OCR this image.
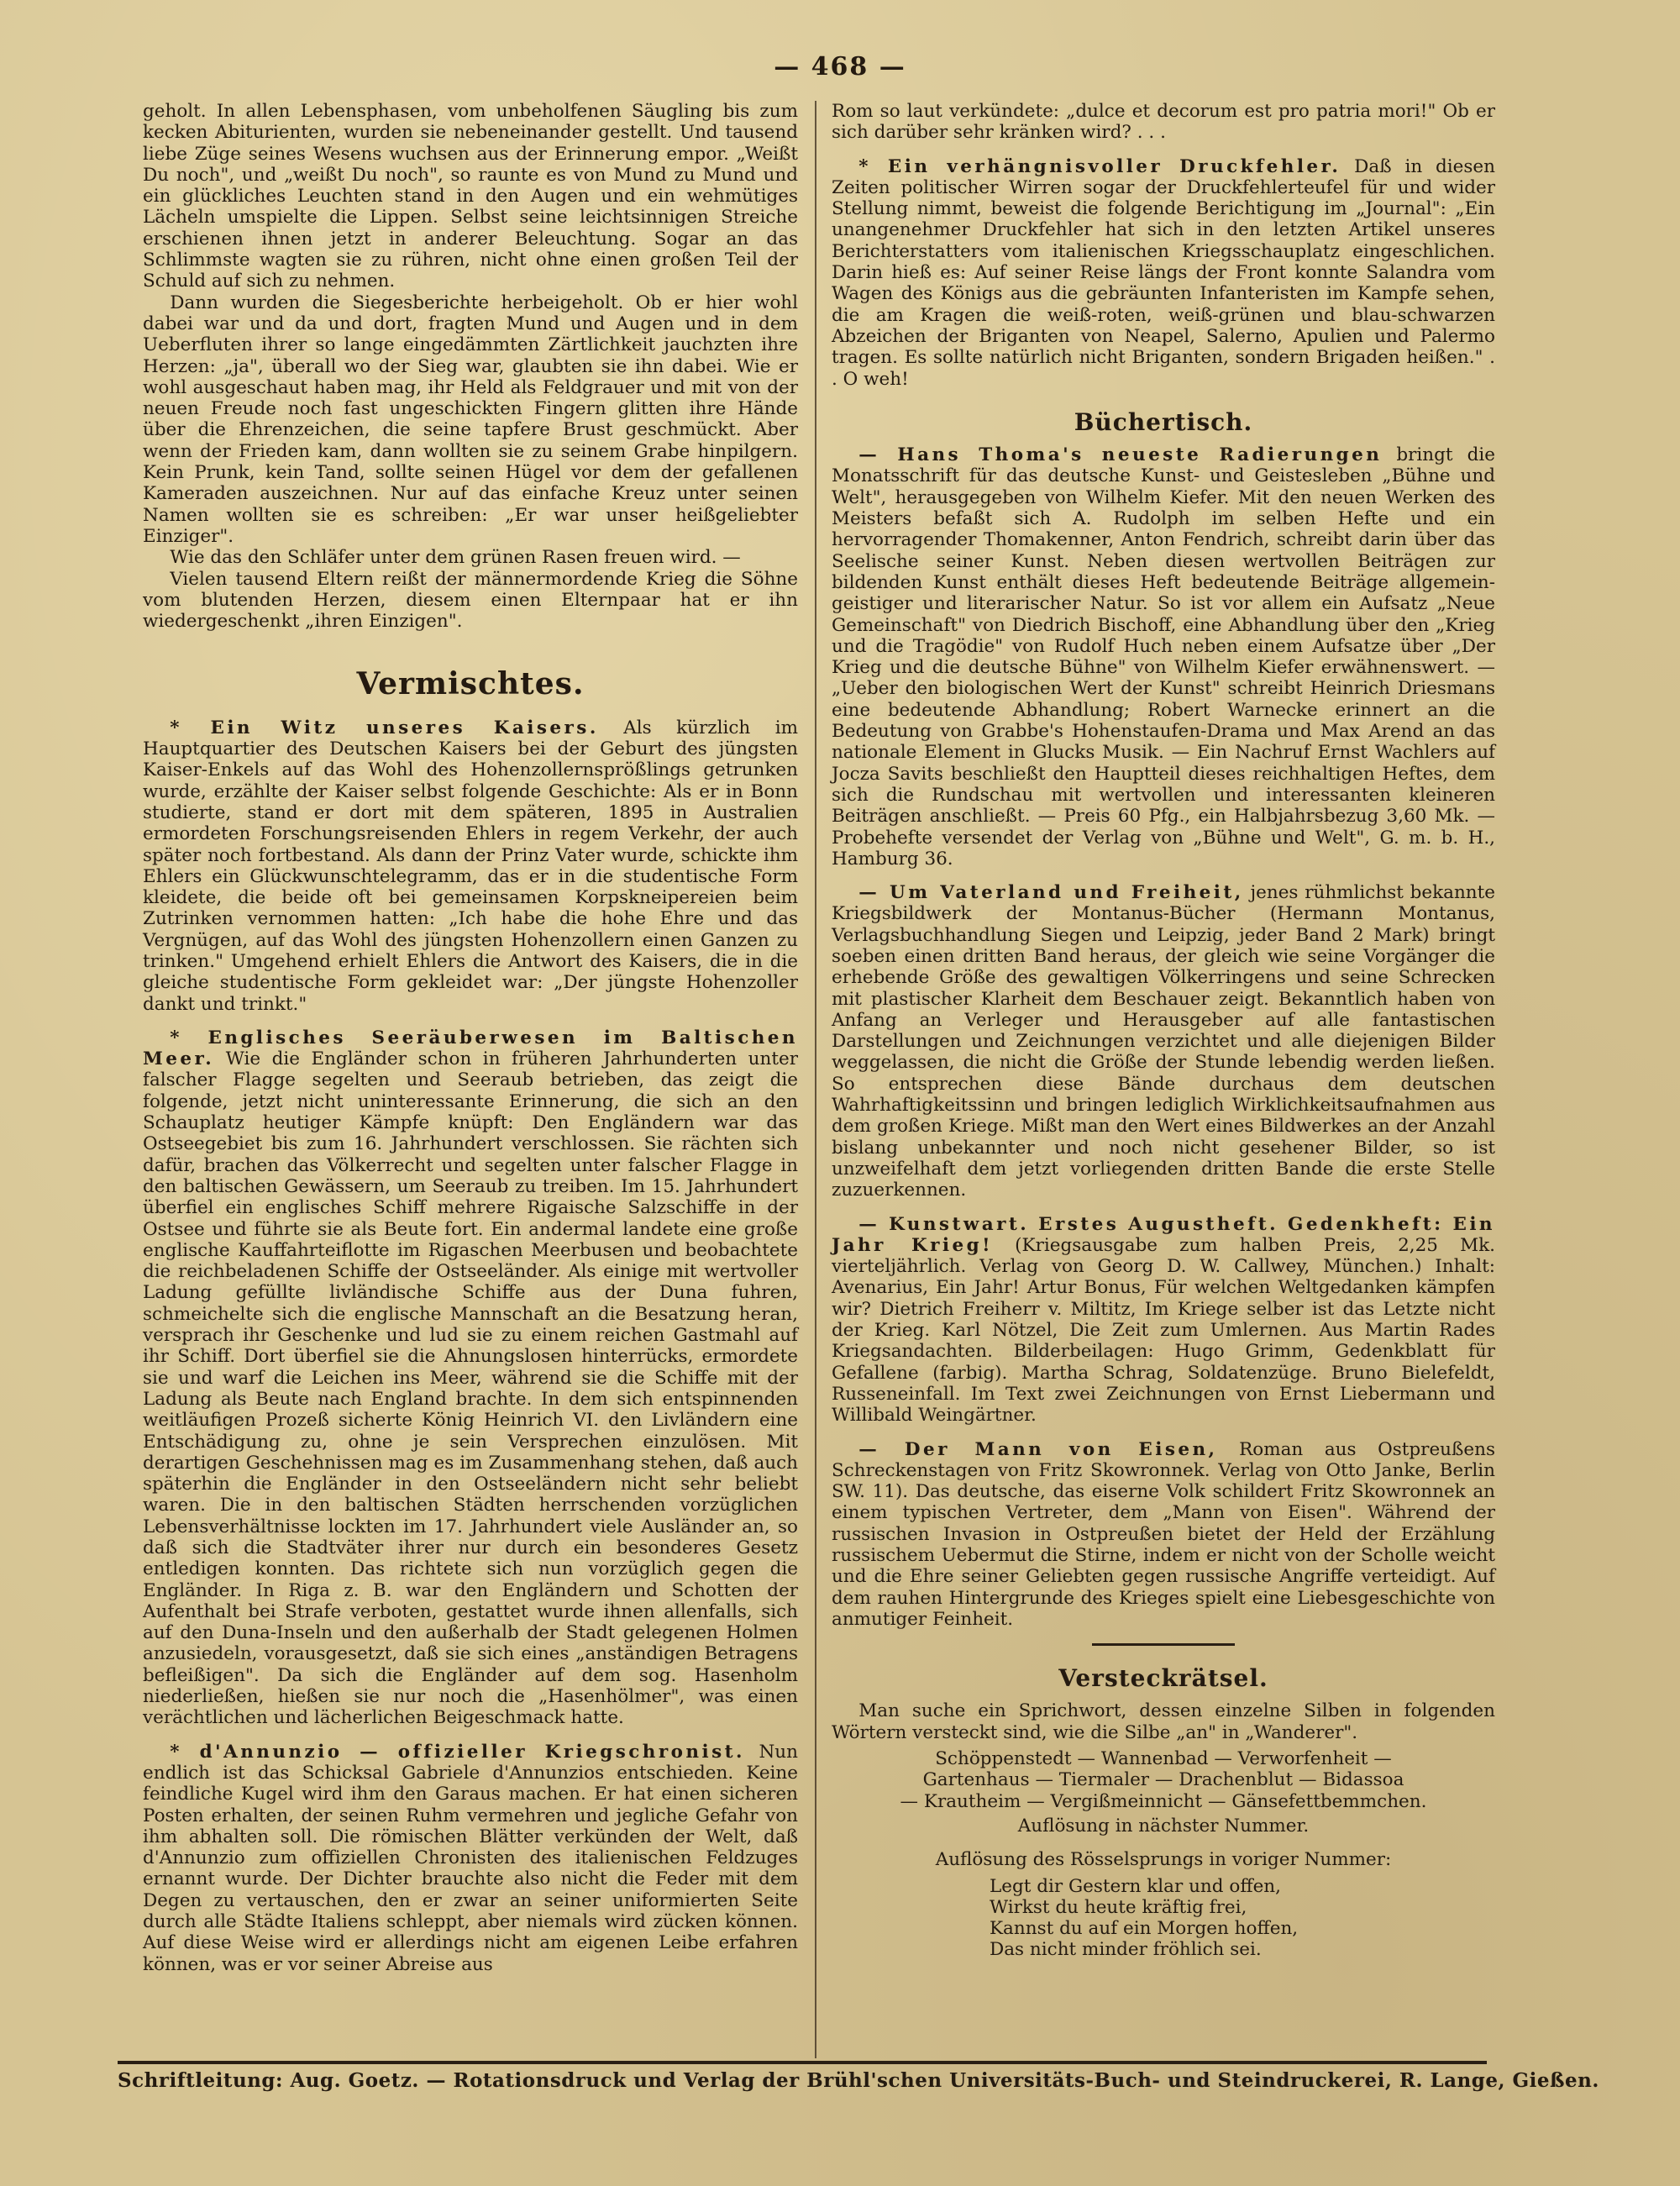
— 468 —

geholt. In allen Lebensphasen, vom unbeholfenen Säugling bis zum kecken Abiturienten, wurden sie nebeneinander gestellt. Und tausend liebe Züge seines Wesens wuchsen aus der Erinnerung empor. „Weißt Du noch", und „weißt Du noch", so raunte es von Mund zu Mund und ein glückliches Leuchten stand in den Augen und ein wehmütiges Lächeln umspielte die Lippen. Selbst seine leichtsinnigen Streiche erschienen ihnen jetzt in anderer Beleuchtung. Sogar an das Schlimmste wagten sie zu rühren, nicht ohne einen großen Teil der Schuld auf sich zu nehmen.

Dann wurden die Siegesberichte herbeigeholt. Ob er hier wohl dabei war und da und dort, fragten Mund und Augen und in dem Ueberfluten ihrer so lange eingedämmten Zärtlichkeit jauchzten ihre Herzen: „ja", überall wo der Sieg war, glaubten sie ihn dabei. Wie er wohl ausgeschaut haben mag, ihr Held als Feldgrauer und mit von der neuen Freude noch fast ungeschickten Fingern glitten ihre Hände über die Ehrenzeichen, die seine tapfere Brust geschmückt. Aber wenn der Frieden kam, dann wollten sie zu seinem Grabe hinpilgern. Kein Prunk, kein Tand, sollte seinen Hügel vor dem der gefallenen Kameraden auszeichnen. Nur auf das einfache Kreuz unter seinen Namen wollten sie es schreiben: „Er war unser heißgeliebter Einziger".

Wie das den Schläfer unter dem grünen Rasen freuen wird. —

Vielen tausend Eltern reißt der männermordende Krieg die Söhne vom blutenden Herzen, diesem einen Elternpaar hat er ihn wiedergeschenkt „ihren Einzigen".

Vermischtes.

* Ein Witz unseres Kaisers. Als kürzlich im Hauptquartier des Deutschen Kaisers bei der Geburt des jüngsten Kaiser-Enkels auf das Wohl des Hohenzollernsprößlings getrunken wurde, erzählte der Kaiser selbst folgende Geschichte: Als er in Bonn studierte, stand er dort mit dem späteren, 1895 in Australien ermordeten Forschungsreisenden Ehlers in regem Verkehr, der auch später noch fortbestand. Als dann der Prinz Vater wurde, schickte ihm Ehlers ein Glückwunschtelegramm, das er in die studentische Form kleidete, die beide oft bei gemeinsamen Korpskneipereien beim Zutrinken vernommen hatten: „Ich habe die hohe Ehre und das Vergnügen, auf das Wohl des jüngsten Hohenzollern einen Ganzen zu trinken." Umgehend erhielt Ehlers die Antwort des Kaisers, die in die gleiche studentische Form gekleidet war: „Der jüngste Hohenzoller dankt und trinkt."

* Englisches Seeräuberwesen im Baltischen Meer. Wie die Engländer schon in früheren Jahrhunderten unter falscher Flagge segelten und Seeraub betrieben, das zeigt die folgende, jetzt nicht uninteressante Erinnerung, die sich an den Schauplatz heutiger Kämpfe knüpft: Den Engländern war das Ostseegebiet bis zum 16. Jahrhundert verschlossen. Sie rächten sich dafür, brachen das Völkerrecht und segelten unter falscher Flagge in den baltischen Gewässern, um Seeraub zu treiben. Im 15. Jahrhundert überfiel ein englisches Schiff mehrere Rigaische Salzschiffe in der Ostsee und führte sie als Beute fort. Ein andermal landete eine große englische Kauffahrteiflotte im Rigaschen Meerbusen und beobachtete die reichbeladenen Schiffe der Ostseeländer. Als einige mit wertvoller Ladung gefüllte livländische Schiffe aus der Duna fuhren, schmeichelte sich die englische Mannschaft an die Besatzung heran, versprach ihr Geschenke und lud sie zu einem reichen Gastmahl auf ihr Schiff. Dort überfiel sie die Ahnungslosen hinterrücks, ermordete sie und warf die Leichen ins Meer, während sie die Schiffe mit der Ladung als Beute nach England brachte. In dem sich entspinnenden weitläufigen Prozeß sicherte König Heinrich VI. den Livländern eine Entschädigung zu, ohne je sein Versprechen einzulösen. Mit derartigen Geschehnissen mag es im Zusammenhang stehen, daß auch späterhin die Engländer in den Ostseeländern nicht sehr beliebt waren. Die in den baltischen Städten herrschenden vorzüglichen Lebensverhältnisse lockten im 17. Jahrhundert viele Ausländer an, so daß sich die Stadtväter ihrer nur durch ein besonderes Gesetz entledigen konnten. Das richtete sich nun vorzüglich gegen die Engländer. In Riga z. B. war den Engländern und Schotten der Aufenthalt bei Strafe verboten, gestattet wurde ihnen allenfalls, sich auf den Duna-Inseln und den außerhalb der Stadt gelegenen Holmen anzusiedeln, vorausgesetzt, daß sie sich eines „anständigen Betragens befleißigen". Da sich die Engländer auf dem sog. Hasenholm niederließen, hießen sie nur noch die „Hasenhölmer", was einen verächtlichen und lächerlichen Beigeschmack hatte.

* d'Annunzio — offizieller Kriegschronist. Nun endlich ist das Schicksal Gabriele d'Annunzios entschieden. Keine feindliche Kugel wird ihm den Garaus machen. Er hat einen sicheren Posten erhalten, der seinen Ruhm vermehren und jegliche Gefahr von ihm abhalten soll. Die römischen Blätter verkünden der Welt, daß d'Annunzio zum offiziellen Chronisten des italienischen Feldzuges ernannt wurde. Der Dichter brauchte also nicht die Feder mit dem Degen zu vertauschen, den er zwar an seiner uniformierten Seite durch alle Städte Italiens schleppt, aber niemals wird zücken können. Auf diese Weise wird er allerdings nicht am eigenen Leibe erfahren können, was er vor seiner Abreise aus

Rom so laut verkündete: „dulce et decorum est pro patria mori!" Ob er sich darüber sehr kränken wird? . . .

* Ein verhängnisvoller Druckfehler. Daß in diesen Zeiten politischer Wirren sogar der Druckfehlerteufel für und wider Stellung nimmt, beweist die folgende Berichtigung im „Journal": „Ein unangenehmer Druckfehler hat sich in den letzten Artikel unseres Berichterstatters vom italienischen Kriegsschauplatz eingeschlichen. Darin hieß es: Auf seiner Reise längs der Front konnte Salandra vom Wagen des Königs aus die gebräunten Infanteristen im Kampfe sehen, die am Kragen die weiß-roten, weiß-grünen und blau-schwarzen Abzeichen der Briganten von Neapel, Salerno, Apulien und Palermo tragen. Es sollte natürlich nicht Briganten, sondern Brigaden heißen." . . O weh!

Büchertisch.

— Hans Thoma's neueste Radierungen bringt die Monatsschrift für das deutsche Kunst- und Geistesleben „Bühne und Welt", herausgegeben von Wilhelm Kiefer. Mit den neuen Werken des Meisters befaßt sich A. Rudolph im selben Hefte und ein hervorragender Thomakenner, Anton Fendrich, schreibt darin über das Seelische seiner Kunst. Neben diesen wertvollen Beiträgen zur bildenden Kunst enthält dieses Heft bedeutende Beiträge allgemein-geistiger und literarischer Natur. So ist vor allem ein Aufsatz „Neue Gemeinschaft" von Diedrich Bischoff, eine Abhandlung über den „Krieg und die Tragödie" von Rudolf Huch neben einem Aufsatze über „Der Krieg und die deutsche Bühne" von Wilhelm Kiefer erwähnenswert. — „Ueber den biologischen Wert der Kunst" schreibt Heinrich Driesmans eine bedeutende Abhandlung; Robert Warnecke erinnert an die Bedeutung von Grabbe's Hohenstaufen-Drama und Max Arend an das nationale Element in Glucks Musik. — Ein Nachruf Ernst Wachlers auf Jocza Savits beschließt den Hauptteil dieses reichhaltigen Heftes, dem sich die Rundschau mit wertvollen und interessanten kleineren Beiträgen anschließt. — Preis 60 Pfg., ein Halbjahrsbezug 3,60 Mk. — Probehefte versendet der Verlag von „Bühne und Welt", G. m. b. H., Hamburg 36.

— Um Vaterland und Freiheit, jenes rühmlichst bekannte Kriegsbildwerk der Montanus-Bücher (Hermann Montanus, Verlagsbuchhandlung Siegen und Leipzig, jeder Band 2 Mark) bringt soeben einen dritten Band heraus, der gleich wie seine Vorgänger die erhebende Größe des gewaltigen Völkerringens und seine Schrecken mit plastischer Klarheit dem Beschauer zeigt. Bekanntlich haben von Anfang an Verleger und Herausgeber auf alle fantastischen Darstellungen und Zeichnungen verzichtet und alle diejenigen Bilder weggelassen, die nicht die Größe der Stunde lebendig werden ließen. So entsprechen diese Bände durchaus dem deutschen Wahrhaftigkeitssinn und bringen lediglich Wirklichkeitsaufnahmen aus dem großen Kriege. Mißt man den Wert eines Bildwerkes an der Anzahl bislang unbekannter und noch nicht gesehener Bilder, so ist unzweifelhaft dem jetzt vorliegenden dritten Bande die erste Stelle zuzuerkennen.

— Kunstwart. Erstes Augustheft. Gedenkheft: Ein Jahr Krieg! (Kriegsausgabe zum halben Preis, 2,25 Mk. vierteljährlich. Verlag von Georg D. W. Callwey, München.) Inhalt: Avenarius, Ein Jahr! Artur Bonus, Für welchen Weltgedanken kämpfen wir? Dietrich Freiherr v. Miltitz, Im Kriege selber ist das Letzte nicht der Krieg. Karl Nötzel, Die Zeit zum Umlernen. Aus Martin Rades Kriegsandachten. Bilderbeilagen: Hugo Grimm, Gedenkblatt für Gefallene (farbig). Martha Schrag, Soldatenzüge. Bruno Bielefeldt, Russeneinfall. Im Text zwei Zeichnungen von Ernst Liebermann und Willibald Weingärtner.

— Der Mann von Eisen, Roman aus Ostpreußens Schreckenstagen von Fritz Skowronnek. Verlag von Otto Janke, Berlin SW. 11). Das deutsche, das eiserne Volk schildert Fritz Skowronnek an einem typischen Vertreter, dem „Mann von Eisen". Während der russischen Invasion in Ostpreußen bietet der Held der Erzählung russischem Uebermut die Stirne, indem er nicht von der Scholle weicht und die Ehre seiner Geliebten gegen russische Angriffe verteidigt. Auf dem rauhen Hintergrunde des Krieges spielt eine Liebesgeschichte von anmutiger Feinheit.

Versteckrätsel.

Man suche ein Sprichwort, dessen einzelne Silben in folgenden Wörtern versteckt sind, wie die Silbe „an" in „Wanderer".

Schöppenstedt — Wannenbad — Verworfenheit —
Gartenhaus — Tiermaler — Drachenblut — Bidassoa
— Krautheim — Vergißmeinnicht — Gänsefettbemmchen.

Auflösung in nächster Nummer.

Auflösung des Rösselsprungs in voriger Nummer:

Legt dir Gestern klar und offen,
Wirkst du heute kräftig frei,
Kannst du auf ein Morgen hoffen,
Das nicht minder fröhlich sei.
Schriftleitung: Aug. Goetz. — Rotationsdruck und Verlag der Brühl'schen Universitäts-Buch- und Steindruckerei, R. Lange, Gießen.
